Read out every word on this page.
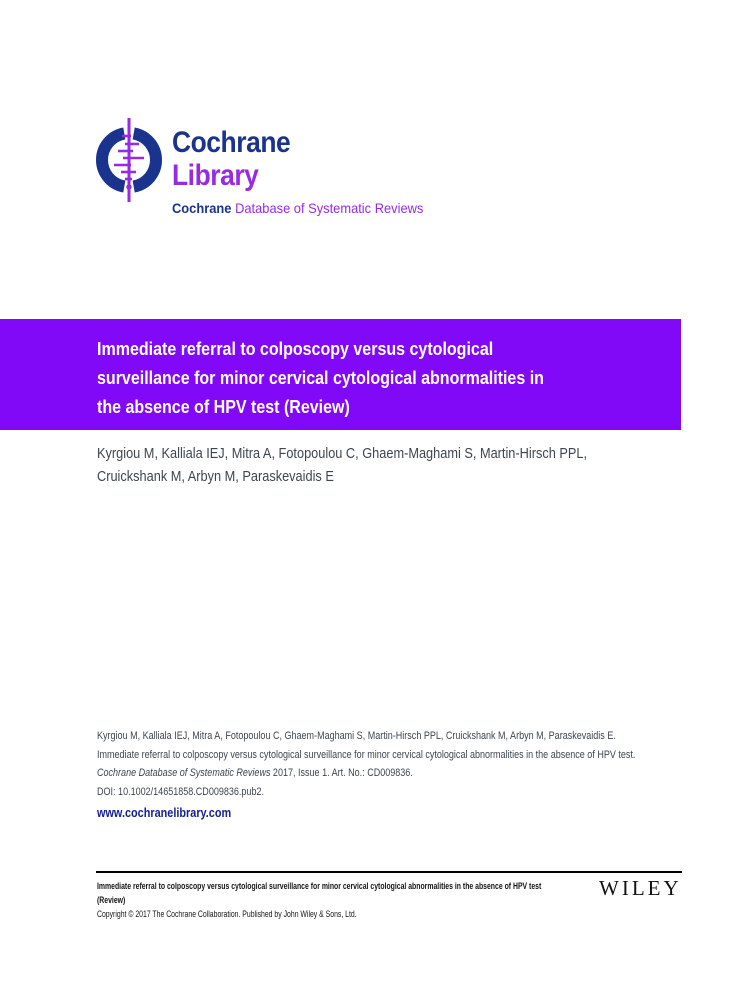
Cochrane
Library
Cochrane Database of Systematic Reviews
Immediate referral to colposcopy versus cytological
surveillance for minor cervical cytological abnormalities in
the absence of HPV test (Review)
Kyrgiou M, Kalliala IEJ, Mitra A, Fotopoulou C, Ghaem-Maghami S, Martin-Hirsch PPL,
Cruickshank M, Arbyn M, Paraskevaidis E
Kyrgiou M, Kalliala IEJ, Mitra A, Fotopoulou C, Ghaem-Maghami S, Martin-Hirsch PPL, Cruickshank M, Arbyn M, Paraskevaidis E.
Immediate referral to colposcopy versus cytological surveillance for minor cervical cytological abnormalities in the absence of HPV test.
Cochrane Database of Systematic Reviews 2017, Issue 1. Art. No.: CD009836.
DOI: 10.1002/14651858.CD009836.pub2.
www.cochranelibrary.com
Immediate referral to colposcopy versus cytological surveillance for minor cervical cytological abnormalities in the absence of HPV test
(Review)
Copyright © 2017 The Cochrane Collaboration. Published by John Wiley & Sons, Ltd.
WILEY
